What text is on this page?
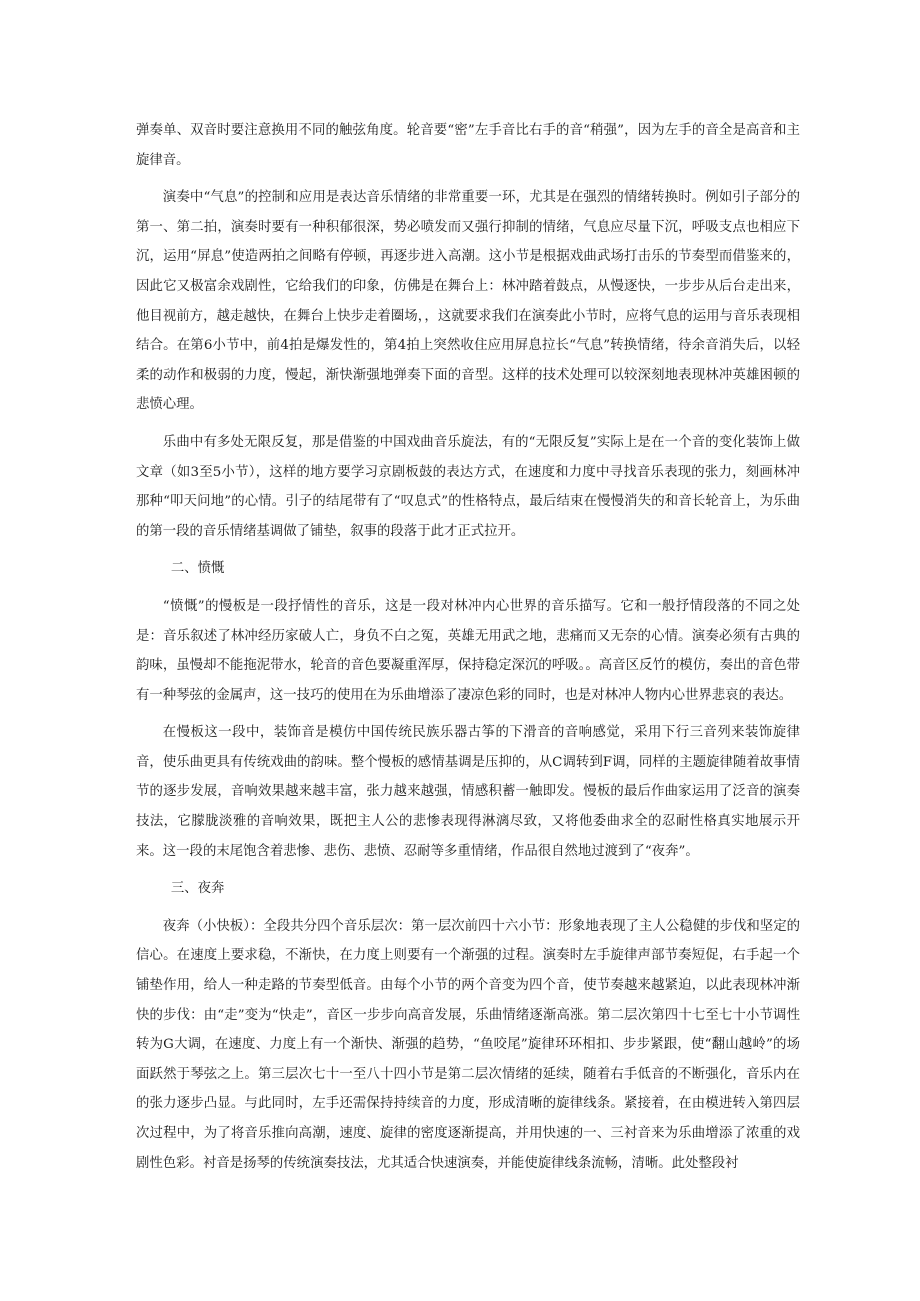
弹奏单、双音时要注意换用不同的触弦角度。轮音要“密”左手音比右手的音“稍强”，因为左手的音全是高音和主旋律音。

演奏中“气息”的控制和应用是表达音乐情绪的非常重要一环，尤其是在强烈的情绪转换时。例如引子部分的第一、第二拍，演奏时要有一种积郁很深，势必喷发而又强行抑制的情绪，气息应尽量下沉，呼吸支点也相应下沉，运用“屏息”使造两拍之间略有停顿，再逐步进入高潮。这小节是根据戏曲武场打击乐的节奏型而借鉴来的，因此它又极富余戏剧性，它给我们的印象，仿佛是在舞台上：林冲踏着鼓点，从慢逐快，一步步从后台走出来，他目视前方，越走越快，在舞台上快步走着圈场，，这就要求我们在演奏此小节时，应将气息的运用与音乐表现相结合。在第6小节中，前4拍是爆发性的，第4拍上突然收住应用屏息拉长“气息”转换情绪，待余音消失后，以轻柔的动作和极弱的力度，慢起，渐快渐强地弹奏下面的音型。这样的技术处理可以较深刻地表现林冲英雄困顿的悲愤心理。

乐曲中有多处无限反复，那是借鉴的中国戏曲音乐旋法，有的“无限反复”实际上是在一个音的变化装饰上做文章（如3至5小节），这样的地方要学习京剧板鼓的表达方式，在速度和力度中寻找音乐表现的张力，刻画林冲那种“叩天问地”的心情。引子的结尾带有了“叹息式”的性格特点，最后结束在慢慢消失的和音长轮音上，为乐曲的第一段的音乐情绪基调做了铺垫，叙事的段落于此才正式拉开。

二、愤慨

“愤慨”的慢板是一段抒情性的音乐，这是一段对林冲内心世界的音乐描写。它和一般抒情段落的不同之处是：音乐叙述了林冲经历家破人亡，身负不白之冤，英雄无用武之地，悲痛而又无奈的心情。演奏必须有古典的韵味，虽慢却不能拖泥带水，轮音的音色要凝重浑厚，保持稳定深沉的呼吸。。高音区反竹的模仿，奏出的音色带有一种琴弦的金属声，这一技巧的使用在为乐曲增添了凄凉色彩的同时，也是对林冲人物内心世界悲哀的表达。

在慢板这一段中，装饰音是模仿中国传统民族乐器古筝的下滑音的音响感觉，采用下行三音列来装饰旋律音，使乐曲更具有传统戏曲的韵味。整个慢板的感情基调是压抑的，从C调转到F调，同样的主题旋律随着故事情节的逐步发展，音响效果越来越丰富，张力越来越强，情感积蓄一触即发。慢板的最后作曲家运用了泛音的演奏技法，它朦胧淡雅的音响效果，既把主人公的悲惨表现得淋漓尽致，又将他委曲求全的忍耐性格真实地展示开来。这一段的末尾饱含着悲惨、悲伤、悲愤、忍耐等多重情绪，作品很自然地过渡到了“夜奔”。

三、夜奔

夜奔（小快板）：全段共分四个音乐层次：第一层次前四十六小节：形象地表现了主人公稳健的步伐和坚定的信心。在速度上要求稳，不渐快，在力度上则要有一个渐强的过程。演奏时左手旋律声部节奏短促，右手起一个铺垫作用，给人一种走路的节奏型低音。由每个小节的两个音变为四个音，使节奏越来越紧迫，以此表现林冲渐快的步伐：由“走”变为“快走”，音区一步步向高音发展，乐曲情绪逐渐高涨。第二层次第四十七至七十小节调性转为G大调，在速度、力度上有一个渐快、渐强的趋势，“鱼咬尾”旋律环环相扣、步步紧跟，使“翻山越岭”的场面跃然于琴弦之上。第三层次七十一至八十四小节是第二层次情绪的延续，随着右手低音的不断强化，音乐内在的张力逐步凸显。与此同时，左手还需保持持续音的力度，形成清晰的旋律线条。紧接着，在由模进转入第四层次过程中，为了将音乐推向高潮，速度、旋律的密度逐渐提高，并用快速的一、三衬音来为乐曲增添了浓重的戏剧性色彩。衬音是扬琴的传统演奏技法，尤其适合快速演奏，并能使旋律线条流畅，清晰。此处整段衬
